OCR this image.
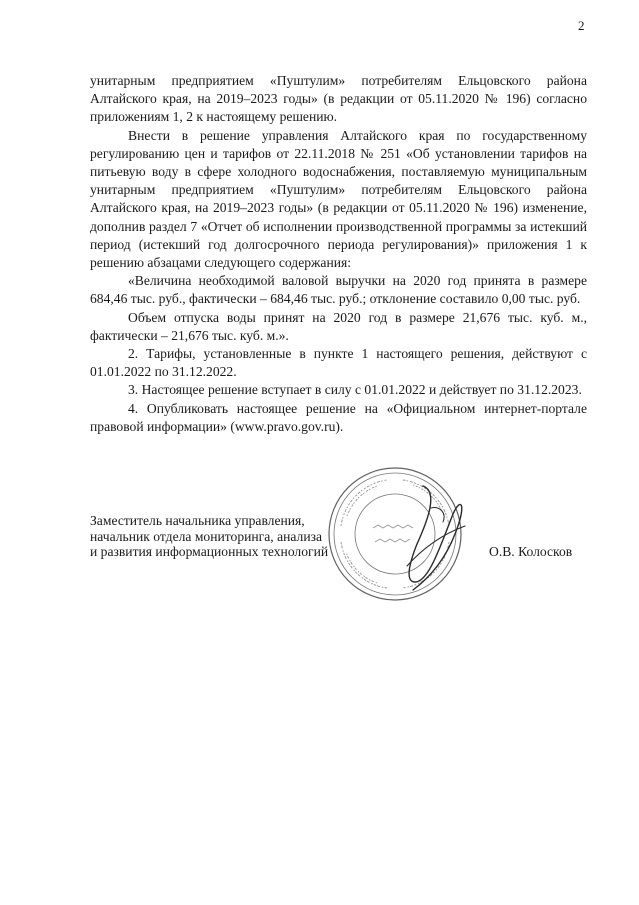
2

унитарным предприятием «Пуштулим» потребителям Ельцовского района Алтайского края, на 2019–2023 годы» (в редакции от 05.11.2020 № 196) согласно приложениям 1, 2 к настоящему решению.

Внести в решение управления Алтайского края по государственному регулированию цен и тарифов от 22.11.2018 № 251 «Об установлении тарифов на питьевую воду в сфере холодного водоснабжения, поставляемую муниципальным унитарным предприятием «Пуштулим» потребителям Ельцовского района Алтайского края, на 2019–2023 годы» (в редакции от 05.11.2020 № 196) изменение, дополнив раздел 7 «Отчет об исполнении производственной программы за истекший период (истекший год долгосрочного периода регулирования)» приложения 1 к решению абзацами следующего содержания:

«Величина необходимой валовой выручки на 2020 год принята в размере 684,46 тыс. руб., фактически – 684,46 тыс. руб.; отклонение составило 0,00 тыс. руб.

Объем отпуска воды принят на 2020 год в размере 21,676 тыс. куб. м., фактически – 21,676 тыс. куб. м.».

2. Тарифы, установленные в пункте 1 настоящего решения, действуют с 01.01.2022 по 31.12.2022.

3. Настоящее решение вступает в силу с 01.01.2022 и действует по 31.12.2023.

4. Опубликовать настоящее решение на «Официальном интернет-портале правовой информации» (www.pravo.gov.ru).

Заместитель начальника управления,
начальник отдела мониторинга, анализа
и развития информационных технологий	О.В. Колосков
